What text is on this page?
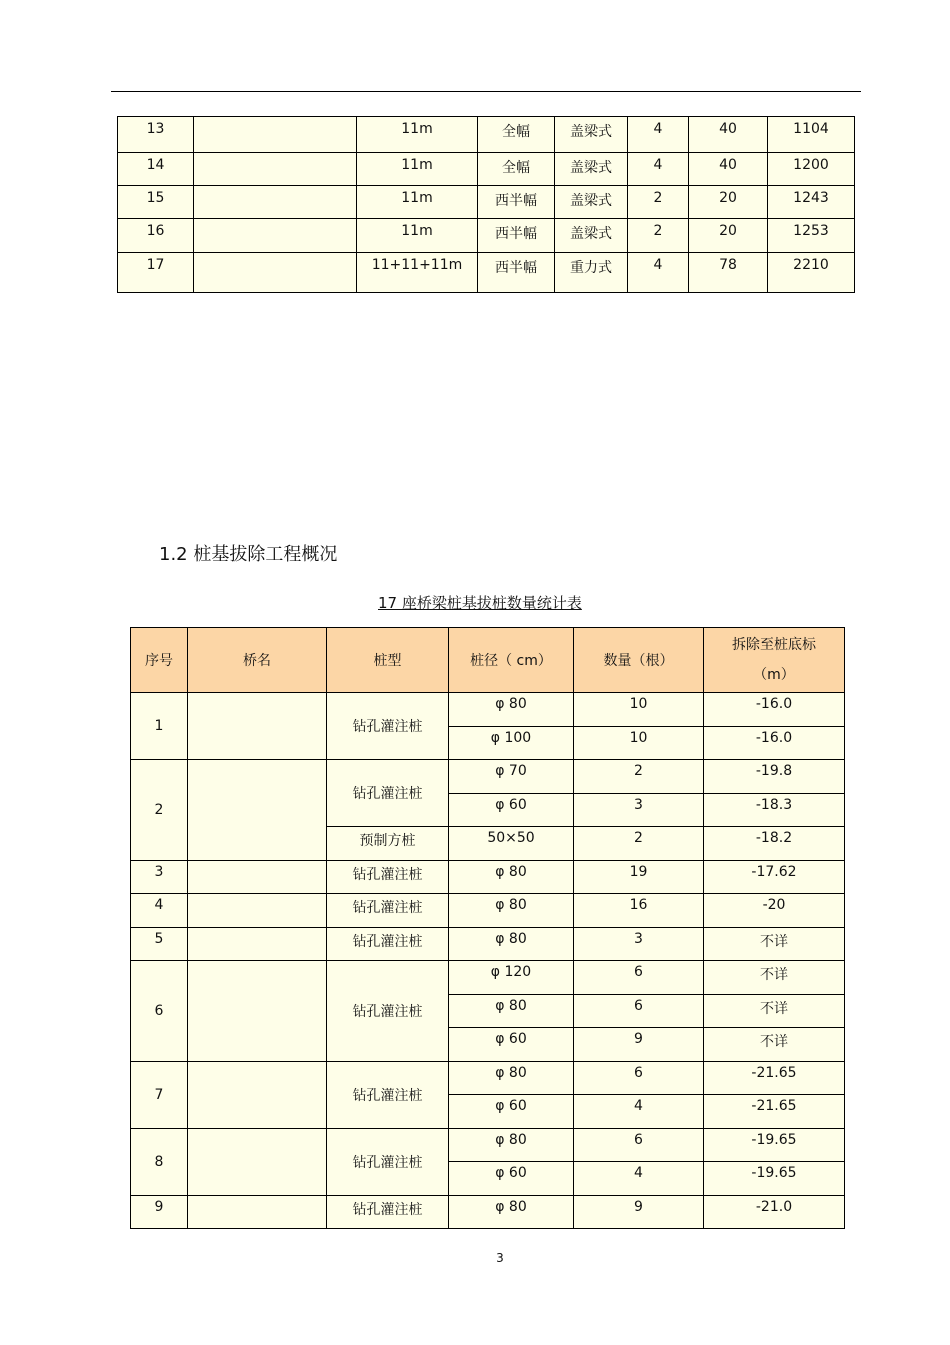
13		11m	全幅	盖梁式	4	40	1104
14		11m	全幅	盖梁式	4	40	1200
15		11m	西半幅	盖梁式	2	20	1243
16		11m	西半幅	盖梁式	2	20	1253
17		11+11+11m	西半幅	重力式	4	78	2210
1.2 桩基拔除工程概况
17 座桥梁桩基拔桩数量统计表
序号	桥名	桩型	桩径（ cm）	数量（根）	拆除至桩底标
（m）

1		钻孔灌注桩	φ 80	10	-16.0
			φ 100	10	-16.0
2		钻孔灌注桩	φ 70	2	-19.8
			φ 60	3	-18.3
		预制方桩	50×50	2	-18.2
3		钻孔灌注桩	φ 80	19	-17.62
4		钻孔灌注桩	φ 80	16	-20
5		钻孔灌注桩	φ 80	3	不详
6		钻孔灌注桩	φ 120	6	不详
			φ 80	6	不详
			φ 60	9	不详
7		钻孔灌注桩	φ 80	6	-21.65
			φ 60	4	-21.65
8		钻孔灌注桩	φ 80	6	-19.65
			φ 60	4	-19.65
9		钻孔灌注桩	φ 80	9	-21.0
3
